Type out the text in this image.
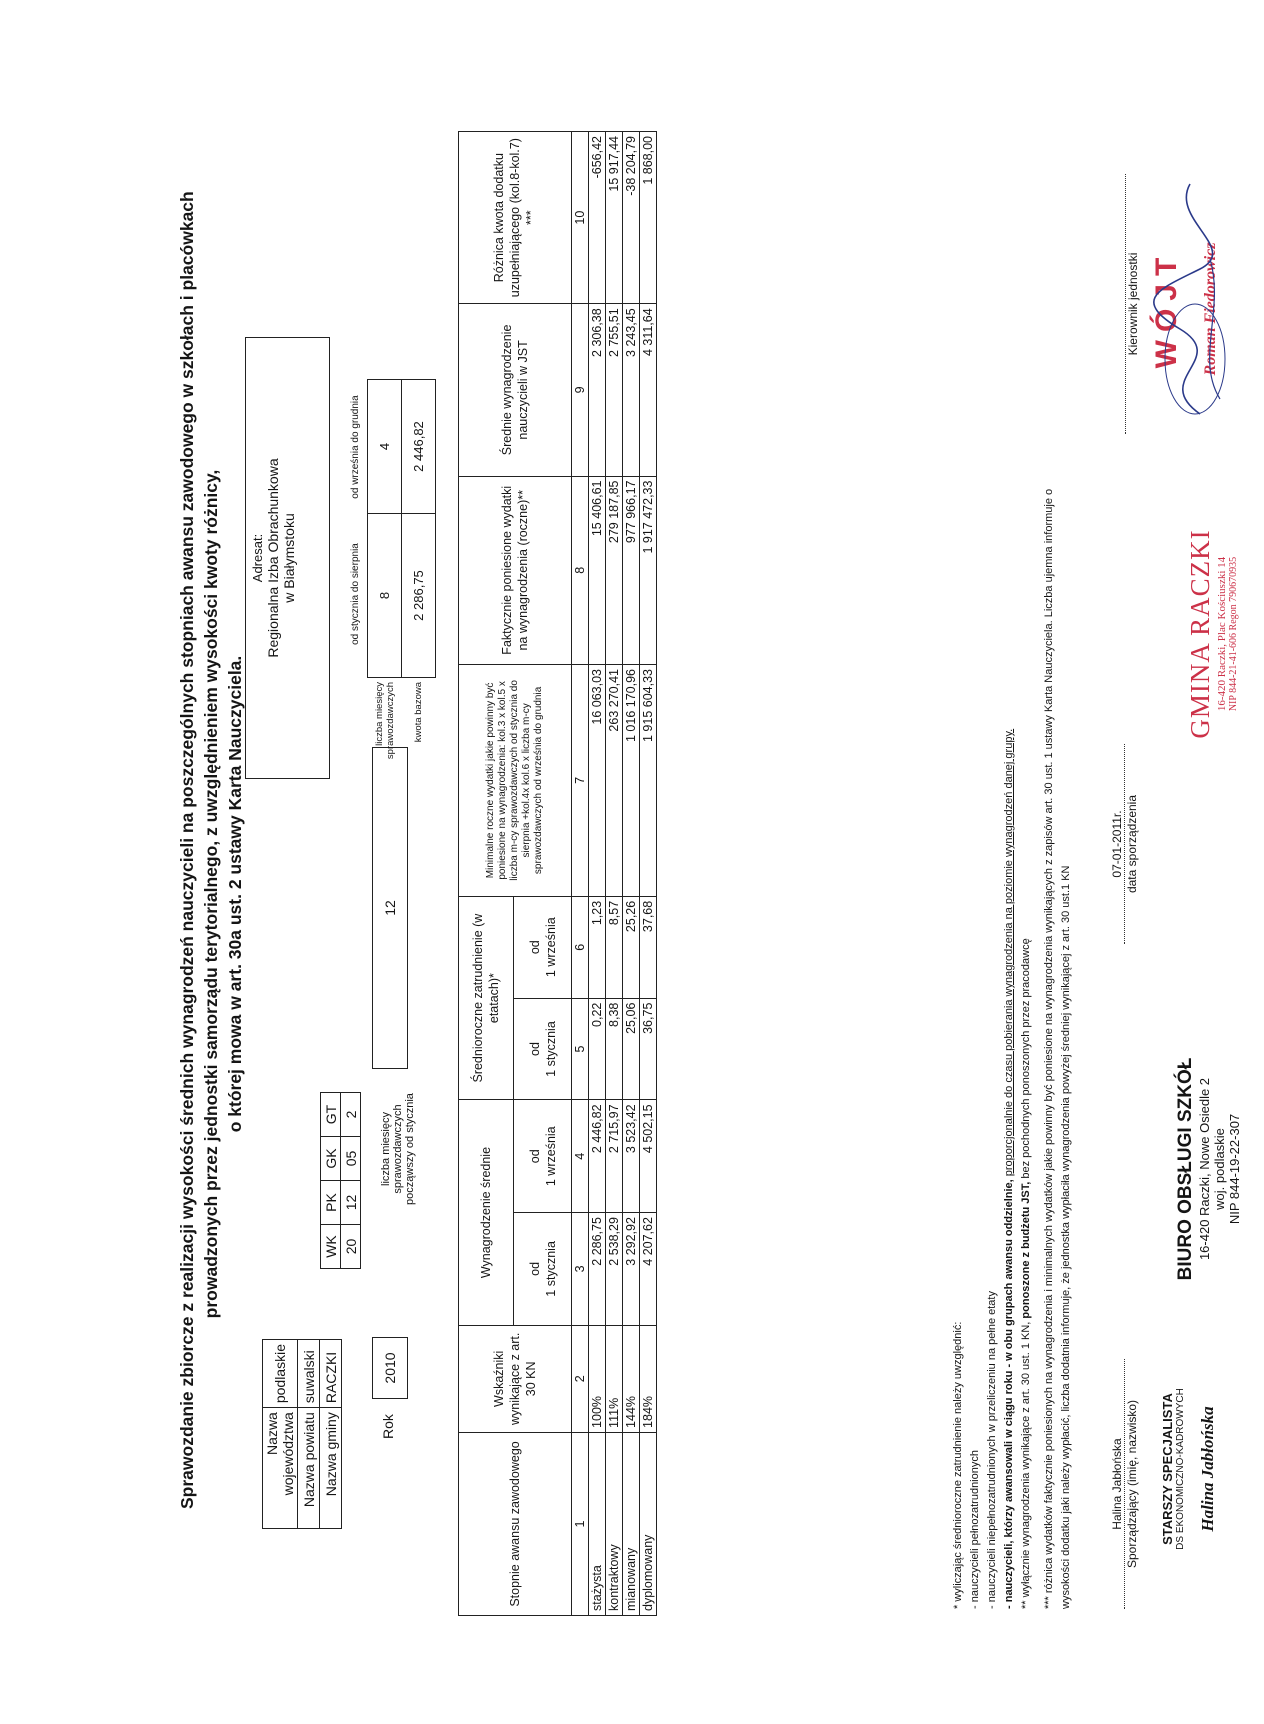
Sprawozdanie zbiorcze z realizacji wysokości średnich wynagrodzeń nauczycieli na poszczególnych stopniach awansu zawodowego w szkołach i placówkach prowadzonych przez jednostki samorządu terytorialnego, z uwzględnieniem wysokości kwoty różnicy, o której mowa w art. 30a ust. 2 ustawy Karta Nauczyciela.
Nazwa województwa	podlaskie
Nazwa powiatu	suwalski
Nazwa gminy	RACZKI
WK	PK	GK	GT
20	12	05	2
Adresat: Regionalna Izba Obrachunkowa w Białymstoku
Rok
2010
liczba miesięcy sprawozdawczych począwszy od stycznia
12
od stycznia do sierpnia
od września do grudnia
liczba miesięcy
sprawozdawczych	8	4
kwota bazowa	2 286,75	2 446,82
Stopnie awansu zawodowego	Wskaźniki wynikające z art. 30 KN	Wynagrodzenie średnie		Średnioroczne zatrudnienie (w etatach)*		Minimalne roczne wydatki jakie powinny być poniesione na wynagrodzenia: kol.3 x kol.5 x liczba m-cy sprawozdawczych od stycznia do sierpnia +kol.4x kol.6 x liczba m-cy sprawozdawczych od września do grudnia	Faktycznie poniesione wydatki na wynagrodzenia (roczne)**	Średnie wynagrodzenie nauczycieli w JST	Różnica kwota dodatku uzupełniającego (kol.8-kol.7) ***
		od 1 stycznia	od 1 września	od 1 stycznia	od 1 września				
1	2	3	4	5	6	7	8	9	10
stażysta	100%	2 286,75	2 446,82	0,22	1,23	16 063,03	15 406,61	2 306,38	-656,42
kontraktowy	111%	2 538,29	2 715,97	8,38	8,57	263 270,41	279 187,85	2 755,51	15 917,44
mianowany	144%	3 292,92	3 523,42	25,06	25,26	1 016 170,96	977 966,17	3 243,45	-38 204,79
dyplomowany	184%	4 207,62	4 502,15	36,75	37,68	1 915 604,33	1 917 472,33	4 311,64	1 868,00

* wyliczając średnioroczne zatrudnienie należy uwzględnić: - nauczycieli pełnozatrudnionych - nauczycieli niepełnozatrudnionych w przeliczeniu na pełne etaty - nauczycieli, którzy awansowali w ciągu roku - w obu grupach awansu oddzielnie, proporcjonalnie do czasu pobierania wynagrodzenia na poziomie wynagrodzeń danej grupy.

** wyłącznie wynagrodzenia wynikające z art. 30 ust. 1 KN, ponoszone z budżetu JST, bez pochodnych ponoszonych przez pracodawcę *** różnica wydatków faktycznie poniesionych na wynagrodzenia i minimalnych wydatków jakie powinny być poniesione na wynagrodzenia wynikających z zapisów art. 30 ust. 1 ustawy Karta Nauczyciela. Liczba ujemna informuje o wysokości dodatku jaki należy wypłacić, liczba dodatnia informuje, że jednostka wypłaciła wynagrodzenia powyżej średniej wynikającej z art. 30 ust.1 KN	Halina Jabłońska Sporządzający (imię, nazwisko)
07-01-2011r. data sporządzenia
Kierownik jednostki
STARSZY SPECJALISTA DS EKONOMICZNO-KADROWYCH Halina Jabłońska
BIURO OBSŁUGI SZKÓŁ 16-420 Raczki, Nowe Osiedle 2 woj. podlaskie NIP 844-19-22-307
GMINA RACZKI 16-420 Raczki, Plac Kościuszki 14 NIP 844-21-41-606 Regon 790670935
WÓJT Roman Fiedorowicz
